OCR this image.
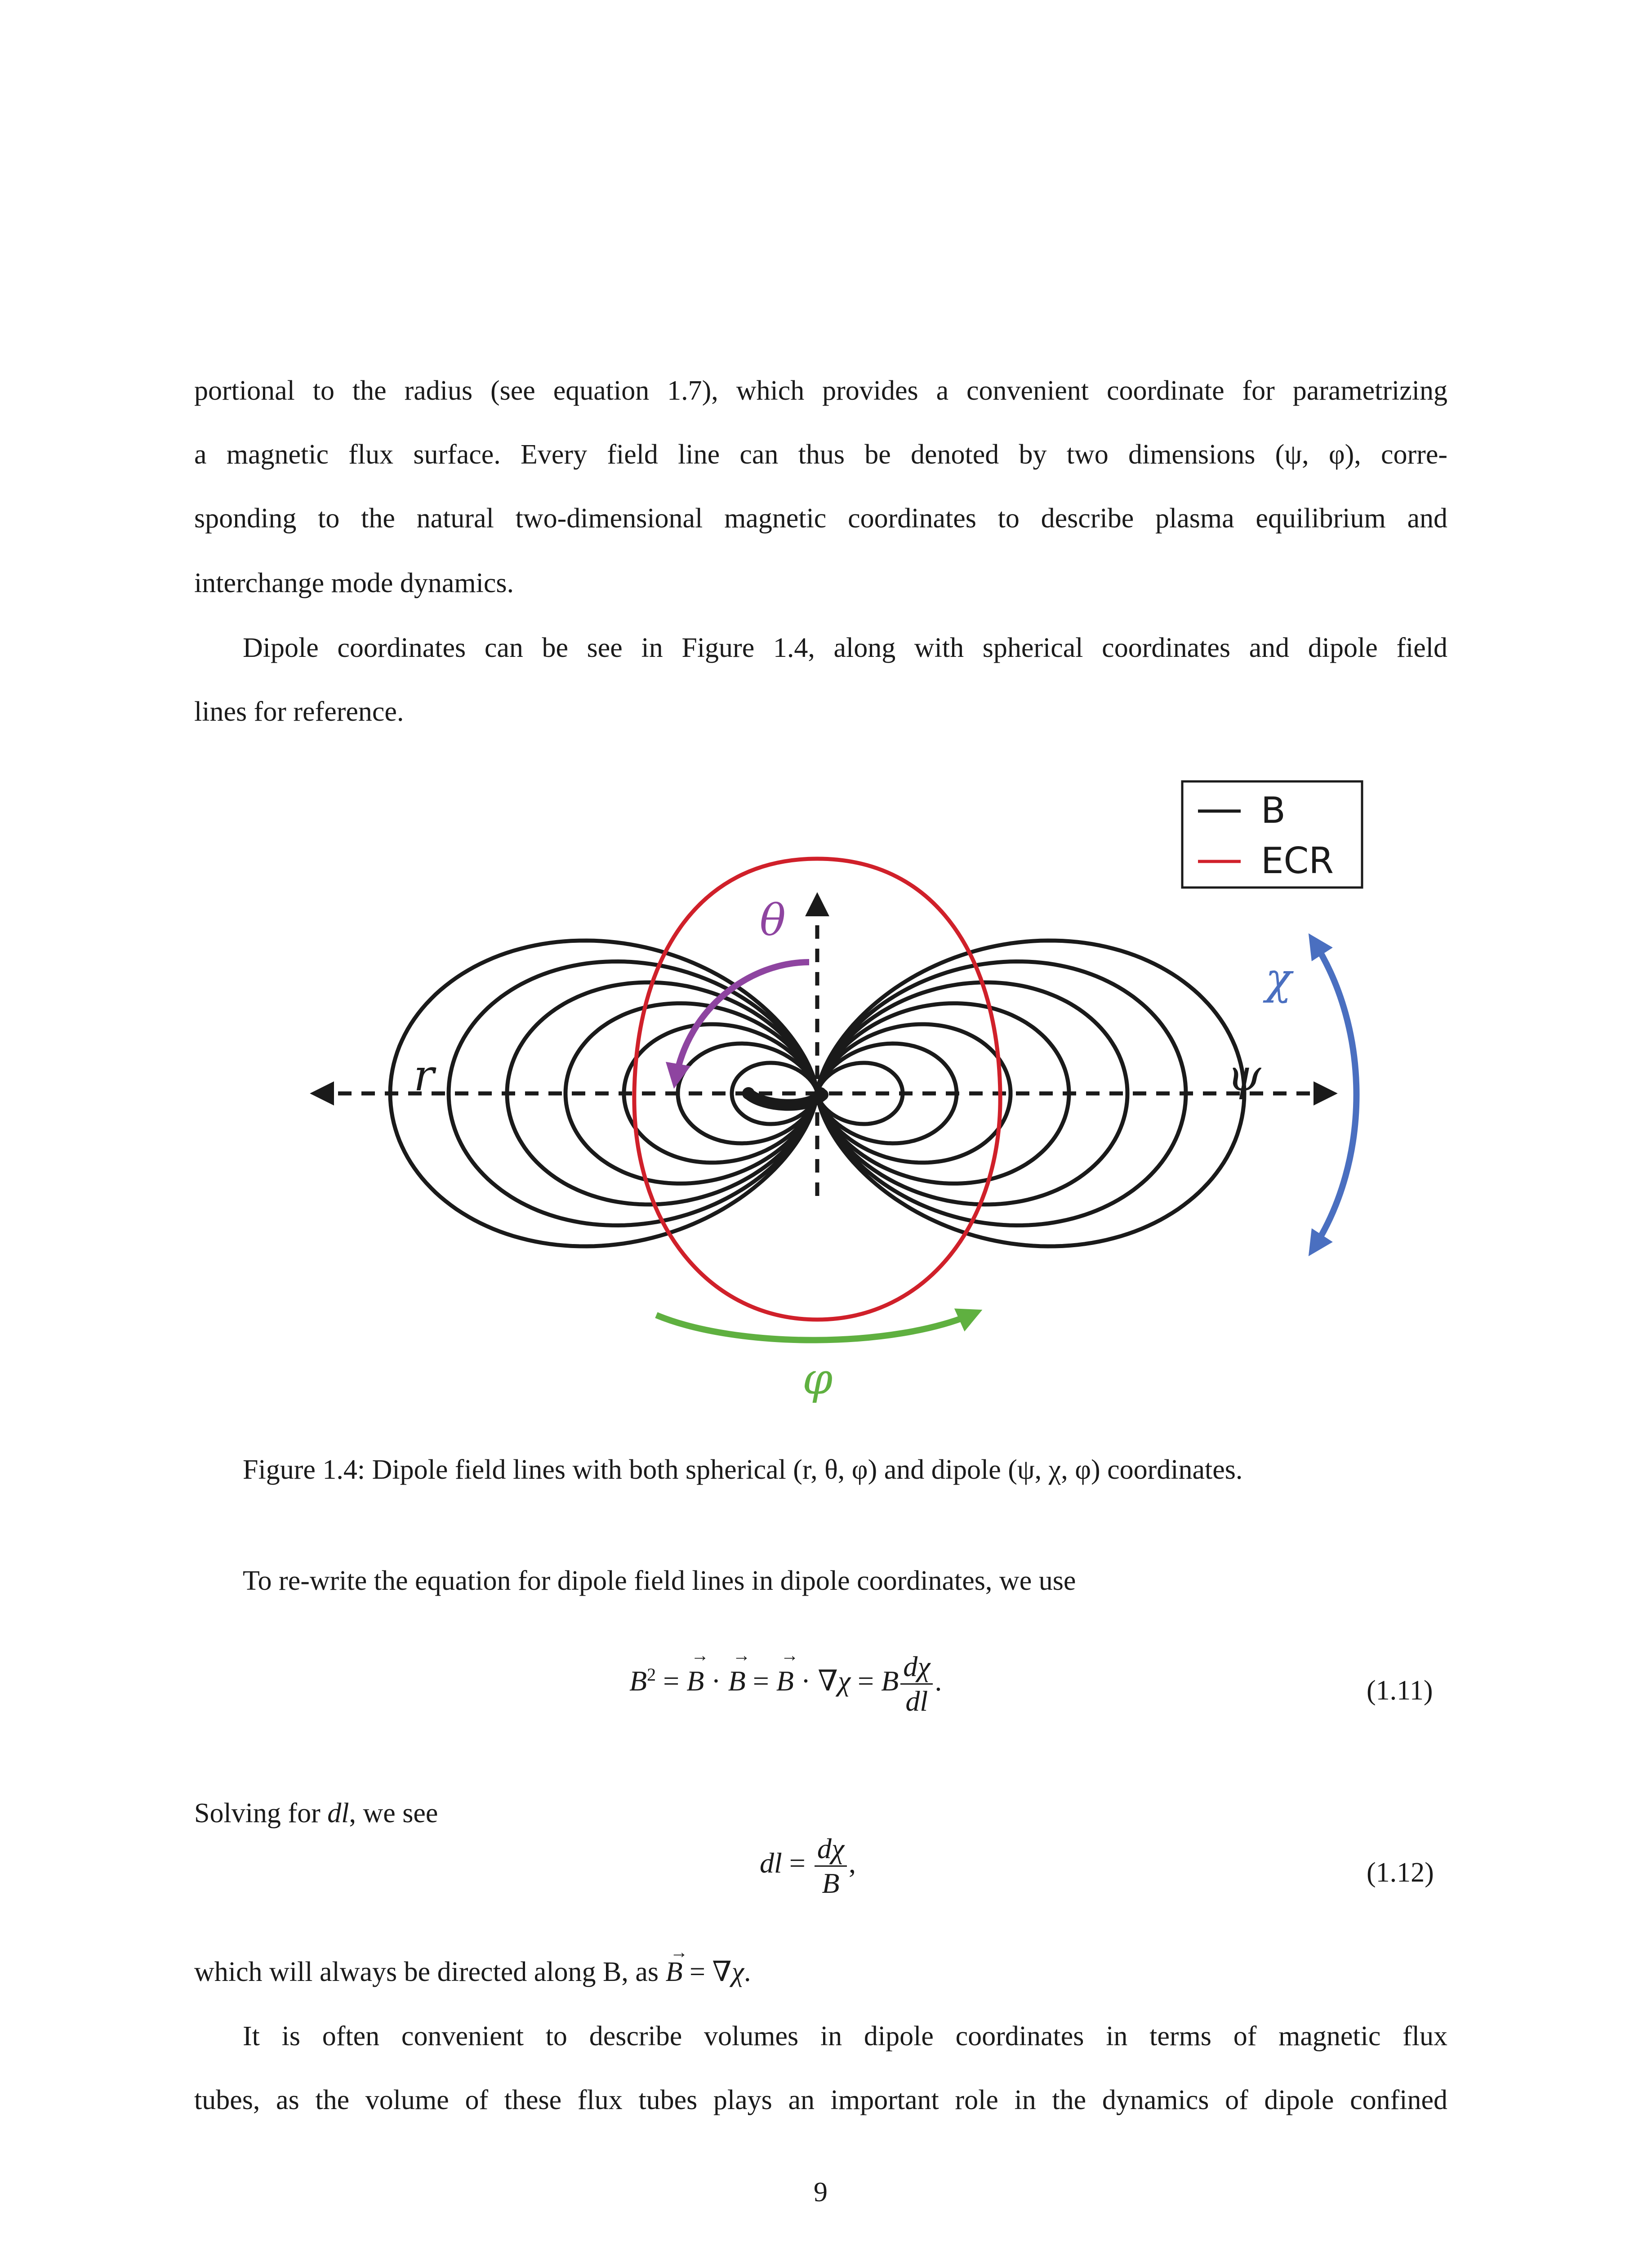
portional to the radius (see equation 1.7), which provides a convenient coordinate for parametrizing
a magnetic flux surface. Every field line can thus be denoted by two dimensions (ψ, φ), corre-
sponding to the natural two-dimensional magnetic coordinates to describe plasma equilibrium and
interchange mode dynamics.
Dipole coordinates can be see in Figure 1.4, along with spherical coordinates and dipole field
lines for reference.
θ
r	ψ
χ
φ
B
ECR
Figure 1.4: Dipole field lines with both spherical (r, θ, φ) and dipole (ψ, χ, φ) coordinates.
To re-write the equation for dipole field lines in dipole coordinates, we use
$B^2$ = → B · → B = → B · ∇χ = B $\frac{d\chi}{dl}$ .	(1.11)
Solving for dl, we see
dl = $\frac{d\chi}{B}$ ,	(1.12)
which will always be directed along B, as → B = ∇χ.
It is often convenient to describe volumes in dipole coordinates in terms of magnetic flux
tubes, as the volume of these flux tubes plays an important role in the dynamics of dipole confined
9
